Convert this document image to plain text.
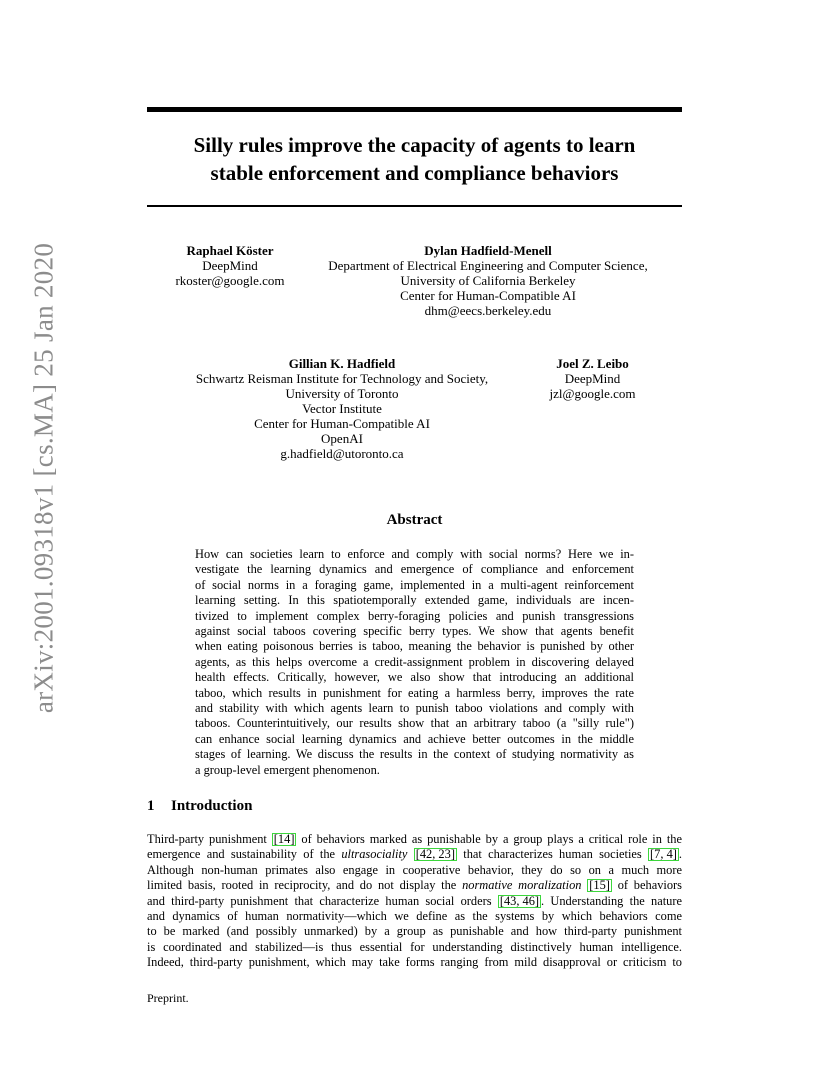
arXiv:2001.09318v1 [cs.MA] 25 Jan 2020
Silly rules improve the capacity of agents to learn
stable enforcement and compliance behaviors
Raphael Köster
DeepMind
rkoster@google.com
Dylan Hadfield-Menell
Department of Electrical Engineering and Computer Science,
University of California Berkeley
Center for Human-Compatible AI
dhm@eecs.berkeley.edu
Gillian K. Hadfield
Schwartz Reisman Institute for Technology and Society,
University of Toronto
Vector Institute
Center for Human-Compatible AI
OpenAI
g.hadfield@utoronto.ca
Joel Z. Leibo
DeepMind
jzl@google.com
Abstract
How can societies learn to enforce and comply with social norms? Here we in-
vestigate the learning dynamics and emergence of compliance and enforcement
of social norms in a foraging game, implemented in a multi-agent reinforcement
learning setting. In this spatiotemporally extended game, individuals are incen-
tivized to implement complex berry-foraging policies and punish transgressions
against social taboos covering specific berry types. We show that agents benefit
when eating poisonous berries is taboo, meaning the behavior is punished by other
agents, as this helps overcome a credit-assignment problem in discovering delayed
health effects. Critically, however, we also show that introducing an additional
taboo, which results in punishment for eating a harmless berry, improves the rate
and stability with which agents learn to punish taboo violations and comply with
taboos. Counterintuitively, our results show that an arbitrary taboo (a "silly rule")
can enhance social learning dynamics and achieve better outcomes in the middle
stages of learning. We discuss the results in the context of studying normativity as
a group-level emergent phenomenon.
1 Introduction
Third-party punishment [14] of behaviors marked as punishable by a group plays a critical role in the
emergence and sustainability of the ultrasociality [42, 23] that characterizes human societies [7, 4] .
Although non-human primates also engage in cooperative behavior, they do so on a much more
limited basis, rooted in reciprocity, and do not display the normative moralization [15] of behaviors
and third-party punishment that characterize human social orders [43, 46] . Understanding the nature
and dynamics of human normativity—which we define as the systems by which behaviors come
to be marked (and possibly unmarked) by a group as punishable and how third-party punishment
is coordinated and stabilized—is thus essential for understanding distinctively human intelligence.
Indeed, third-party punishment, which may take forms ranging from mild disapproval or criticism to
Preprint.
